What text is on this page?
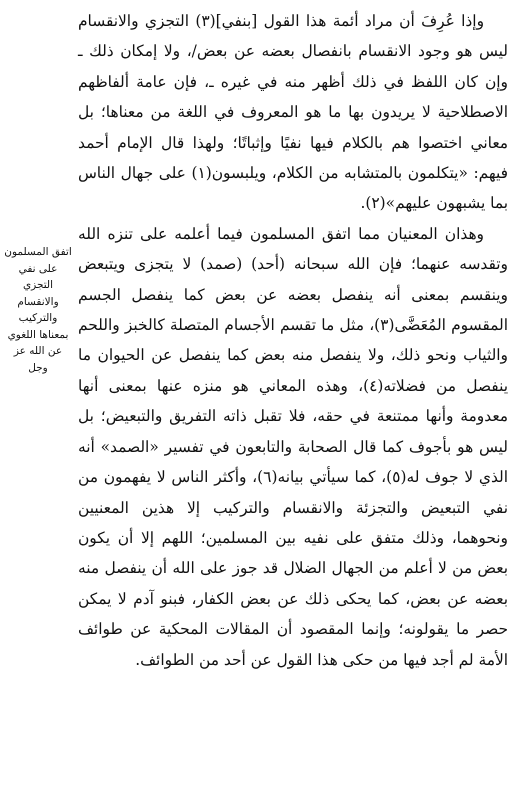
اتفق المسلمون على نفي التجزي والانقسام والتركيب بمعناها اللغوي عن الله عز وجل

وإذا عُرِفَ أن مراد أئمة هذا القول [بنفي](٣) التجزي والانقسام ليس هو وجود الانقسام بانفصال بعضه عن بعض/، ولا إمكان ذلك ـ وإن كان اللفظ في ذلك أظهر منه في غيره ـ، فإن عامة ألفاظهم الاصطلاحية لا يريدون بها ما هو المعروف في اللغة من معناها؛ بل معاني اختصوا هم بالكلام فيها نفيًا وإثباتًا؛ ولهذا قال الإمام أحمد فيهم: «يتكلمون بالمتشابه من الكلام، ويلبسون(١) على جهال الناس بما يشبهون عليهم»(٢).

وهذان المعنيان مما اتفق المسلمون فيما أعلمه على تنزه الله وتقدسه عنهما؛ فإن الله سبحانه (أحد) (صمد) لا يتجزى ويتبعض وينقسم بمعنى أنه ينفصل بعضه عن بعض كما ينفصل الجسم المقسوم المُعَضَّى(٣)، مثل ما تقسم الأجسام المتصلة كالخبز واللحم والثياب ونحو ذلك، ولا ينفصل منه بعض كما ينفصل عن الحيوان ما ينفصل من فضلاته(٤)، وهذه المعاني هو منزه عنها بمعنى أنها معدومة وأنها ممتنعة في حقه، فلا تقبل ذاته التفريق والتبعيض؛ بل ليس هو بأجوف كما قال الصحابة والتابعون في تفسير «الصمد» أنه الذي لا جوف له(٥)، كما سيأتي بيانه(٦)، وأكثر الناس لا يفهمون من نفي التبعيض والتجزئة والانقسام والتركيب إلا هذين المعنيين ونحوهما، وذلك متفق على نفيه بين المسلمين؛ اللهم إلا أن يكون بعض من لا أعلم من الجهال الضلال قد جوز على الله أن ينفصل منه بعضه عن بعض، كما يحكى ذلك عن بعض الكفار، فبنو آدم لا يمكن حصر ما يقولونه؛ وإنما المقصود أن المقالات المحكية عن طوائف الأمة لم أجد فيها من حكى هذا القول عن أحد من الطوائف.
